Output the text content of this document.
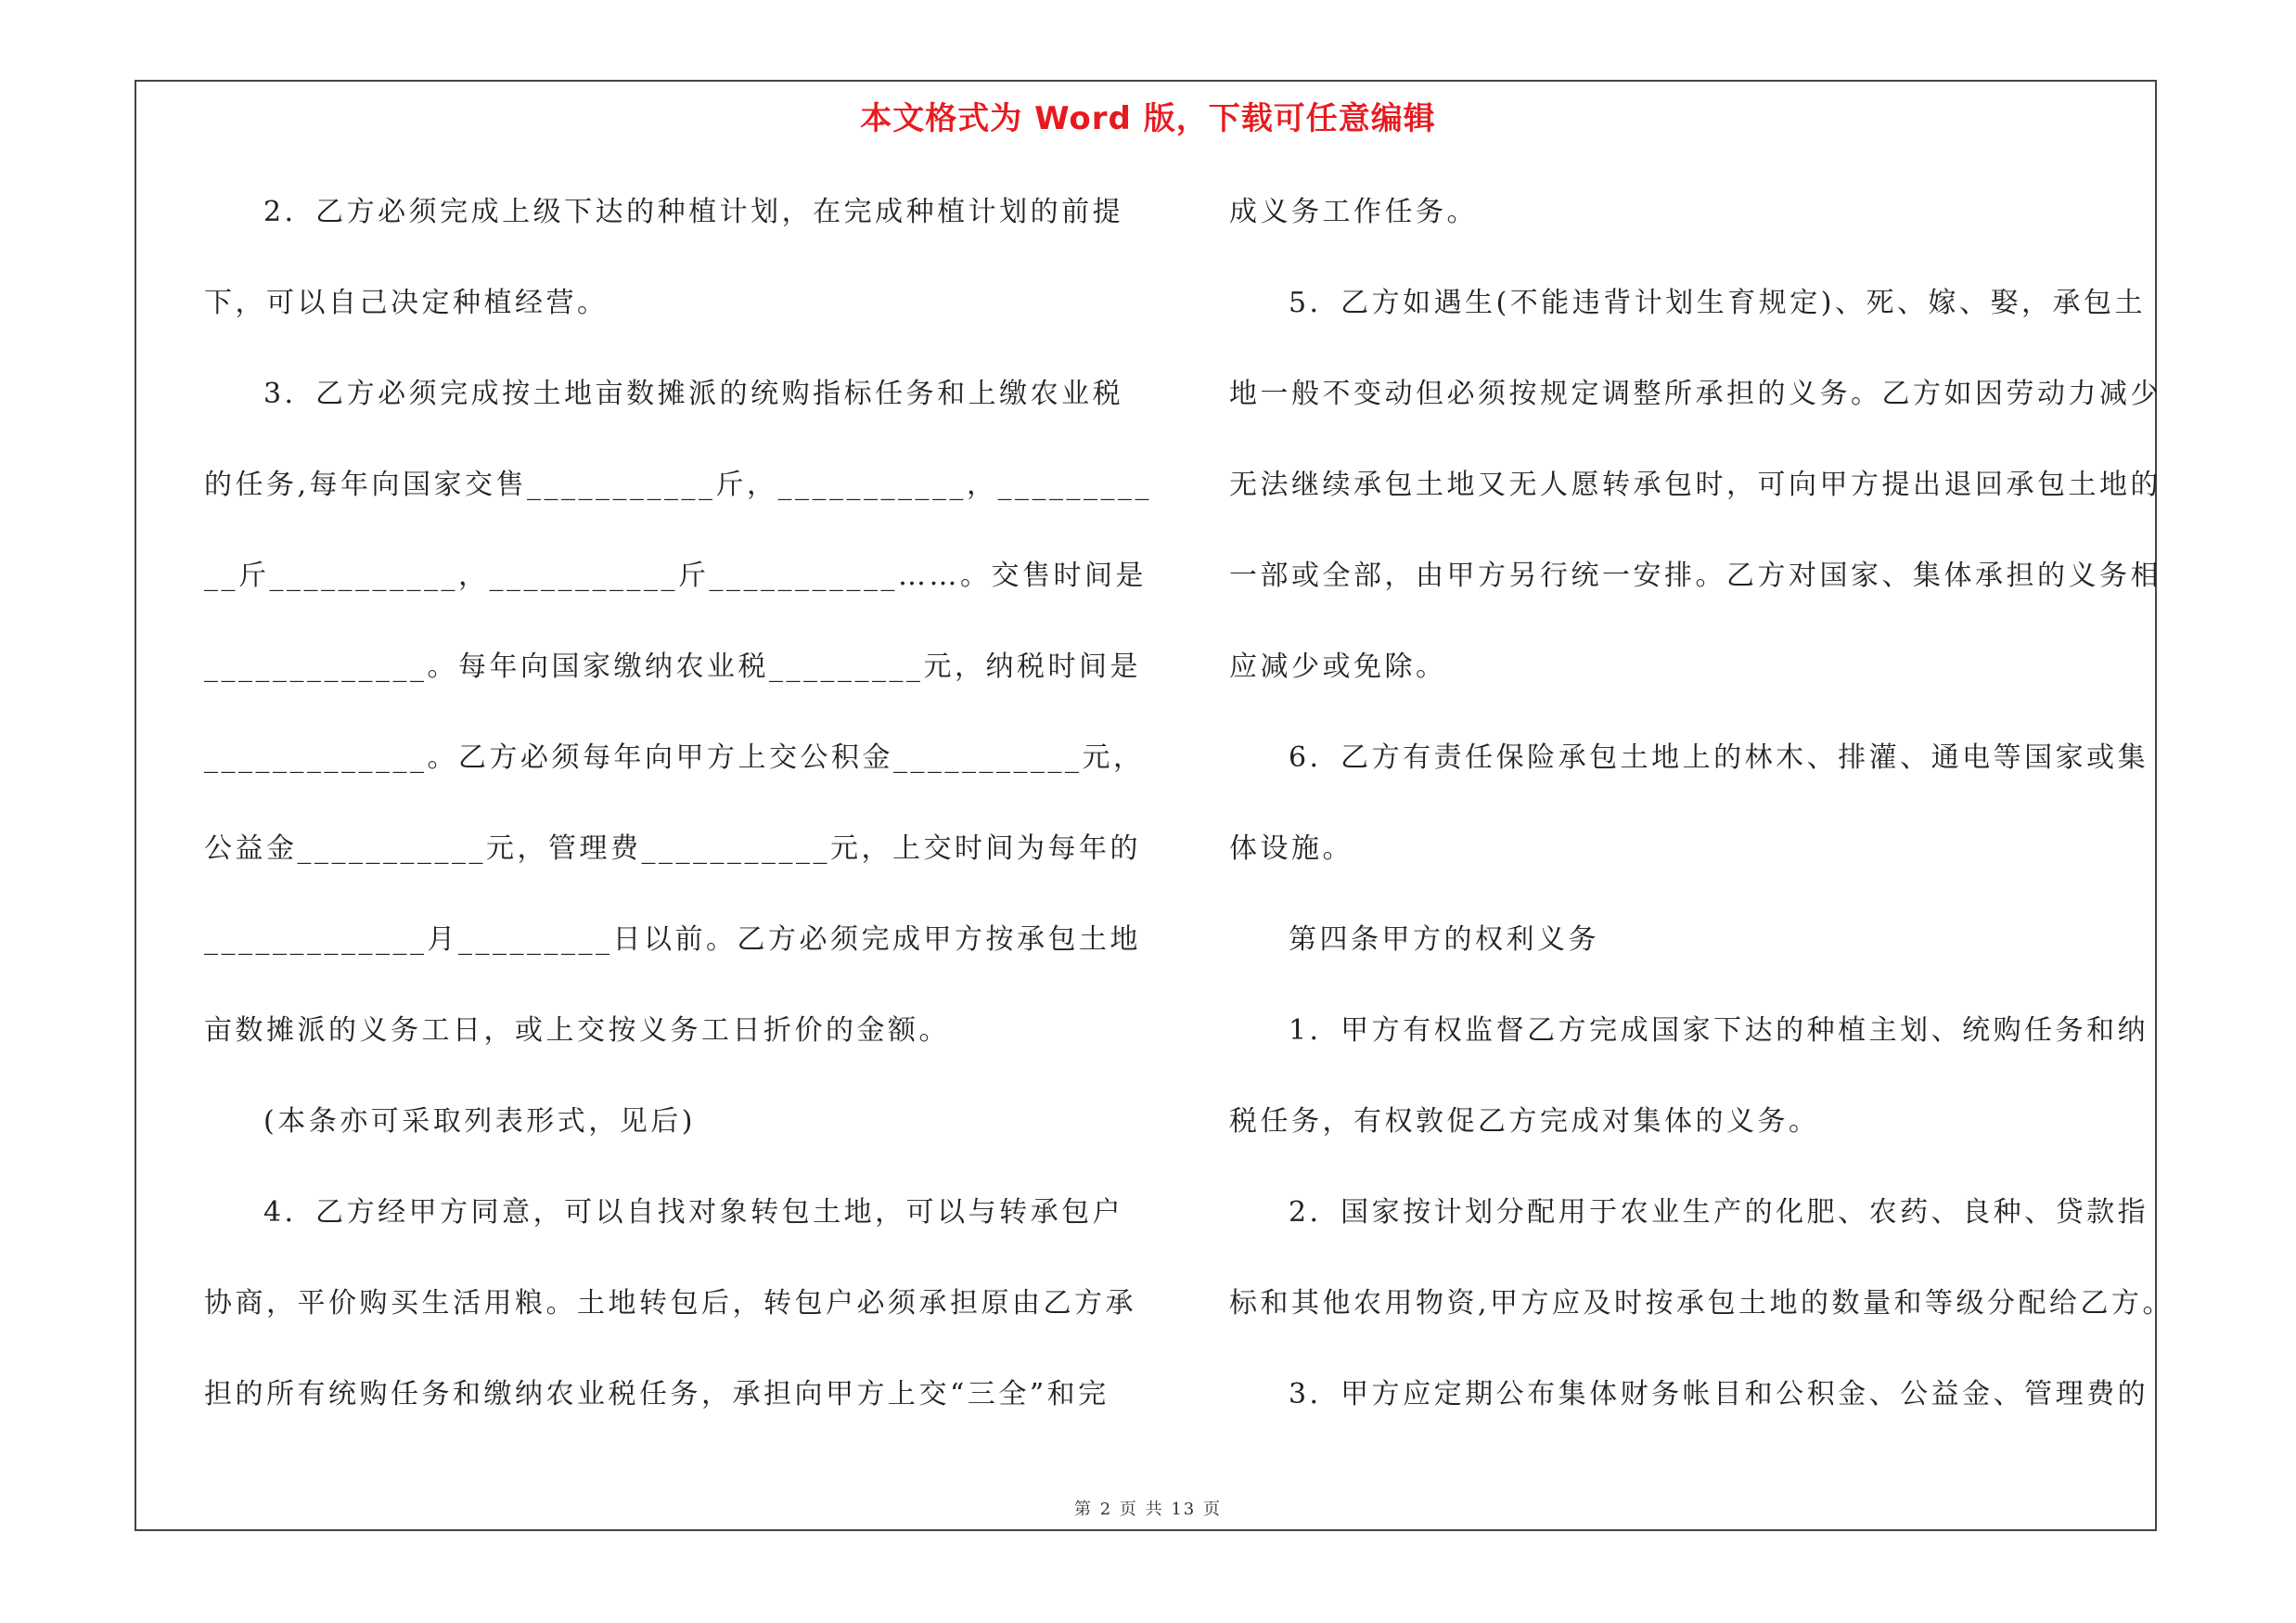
本文格式为 Word 版，下载可任意编辑
2．乙方必须完成上级下达的种植计划，在完成种植计划的前提
下，可以自己决定种植经营。
3．乙方必须完成按土地亩数摊派的统购指标任务和上缴农业税
的任务,每年向国家交售___________斤，___________，_________
__斤___________，___________斤___________……。交售时间是
_____________。每年向国家缴纳农业税_________元，纳税时间是
_____________。乙方必须每年向甲方上交公积金___________元，
公益金___________元，管理费___________元，上交时间为每年的
_____________月_________日以前。乙方必须完成甲方按承包土地
亩数摊派的义务工日，或上交按义务工日折价的金额。
(本条亦可采取列表形式，见后)
4．乙方经甲方同意，可以自找对象转包土地，可以与转承包户
协商，平价购买生活用粮。土地转包后，转包户必须承担原由乙方承
担的所有统购任务和缴纳农业税任务，承担向甲方上交“三全”和完
成义务工作任务。
5．乙方如遇生(不能违背计划生育规定)、死、嫁、娶，承包土
地一般不变动但必须按规定调整所承担的义务。乙方如因劳动力减少
无法继续承包土地又无人愿转承包时，可向甲方提出退回承包土地的
一部或全部，由甲方另行统一安排。乙方对国家、集体承担的义务相
应减少或免除。
6．乙方有责任保险承包土地上的林木、排灌、通电等国家或集
体设施。
第四条甲方的权利义务
1．甲方有权监督乙方完成国家下达的种植主划、统购任务和纳
税任务，有权敦促乙方完成对集体的义务。
2．国家按计划分配用于农业生产的化肥、农药、良种、贷款指
标和其他农用物资,甲方应及时按承包土地的数量和等级分配给乙方。
3．甲方应定期公布集体财务帐目和公积金、公益金、管理费的
第 2 页 共 13 页
